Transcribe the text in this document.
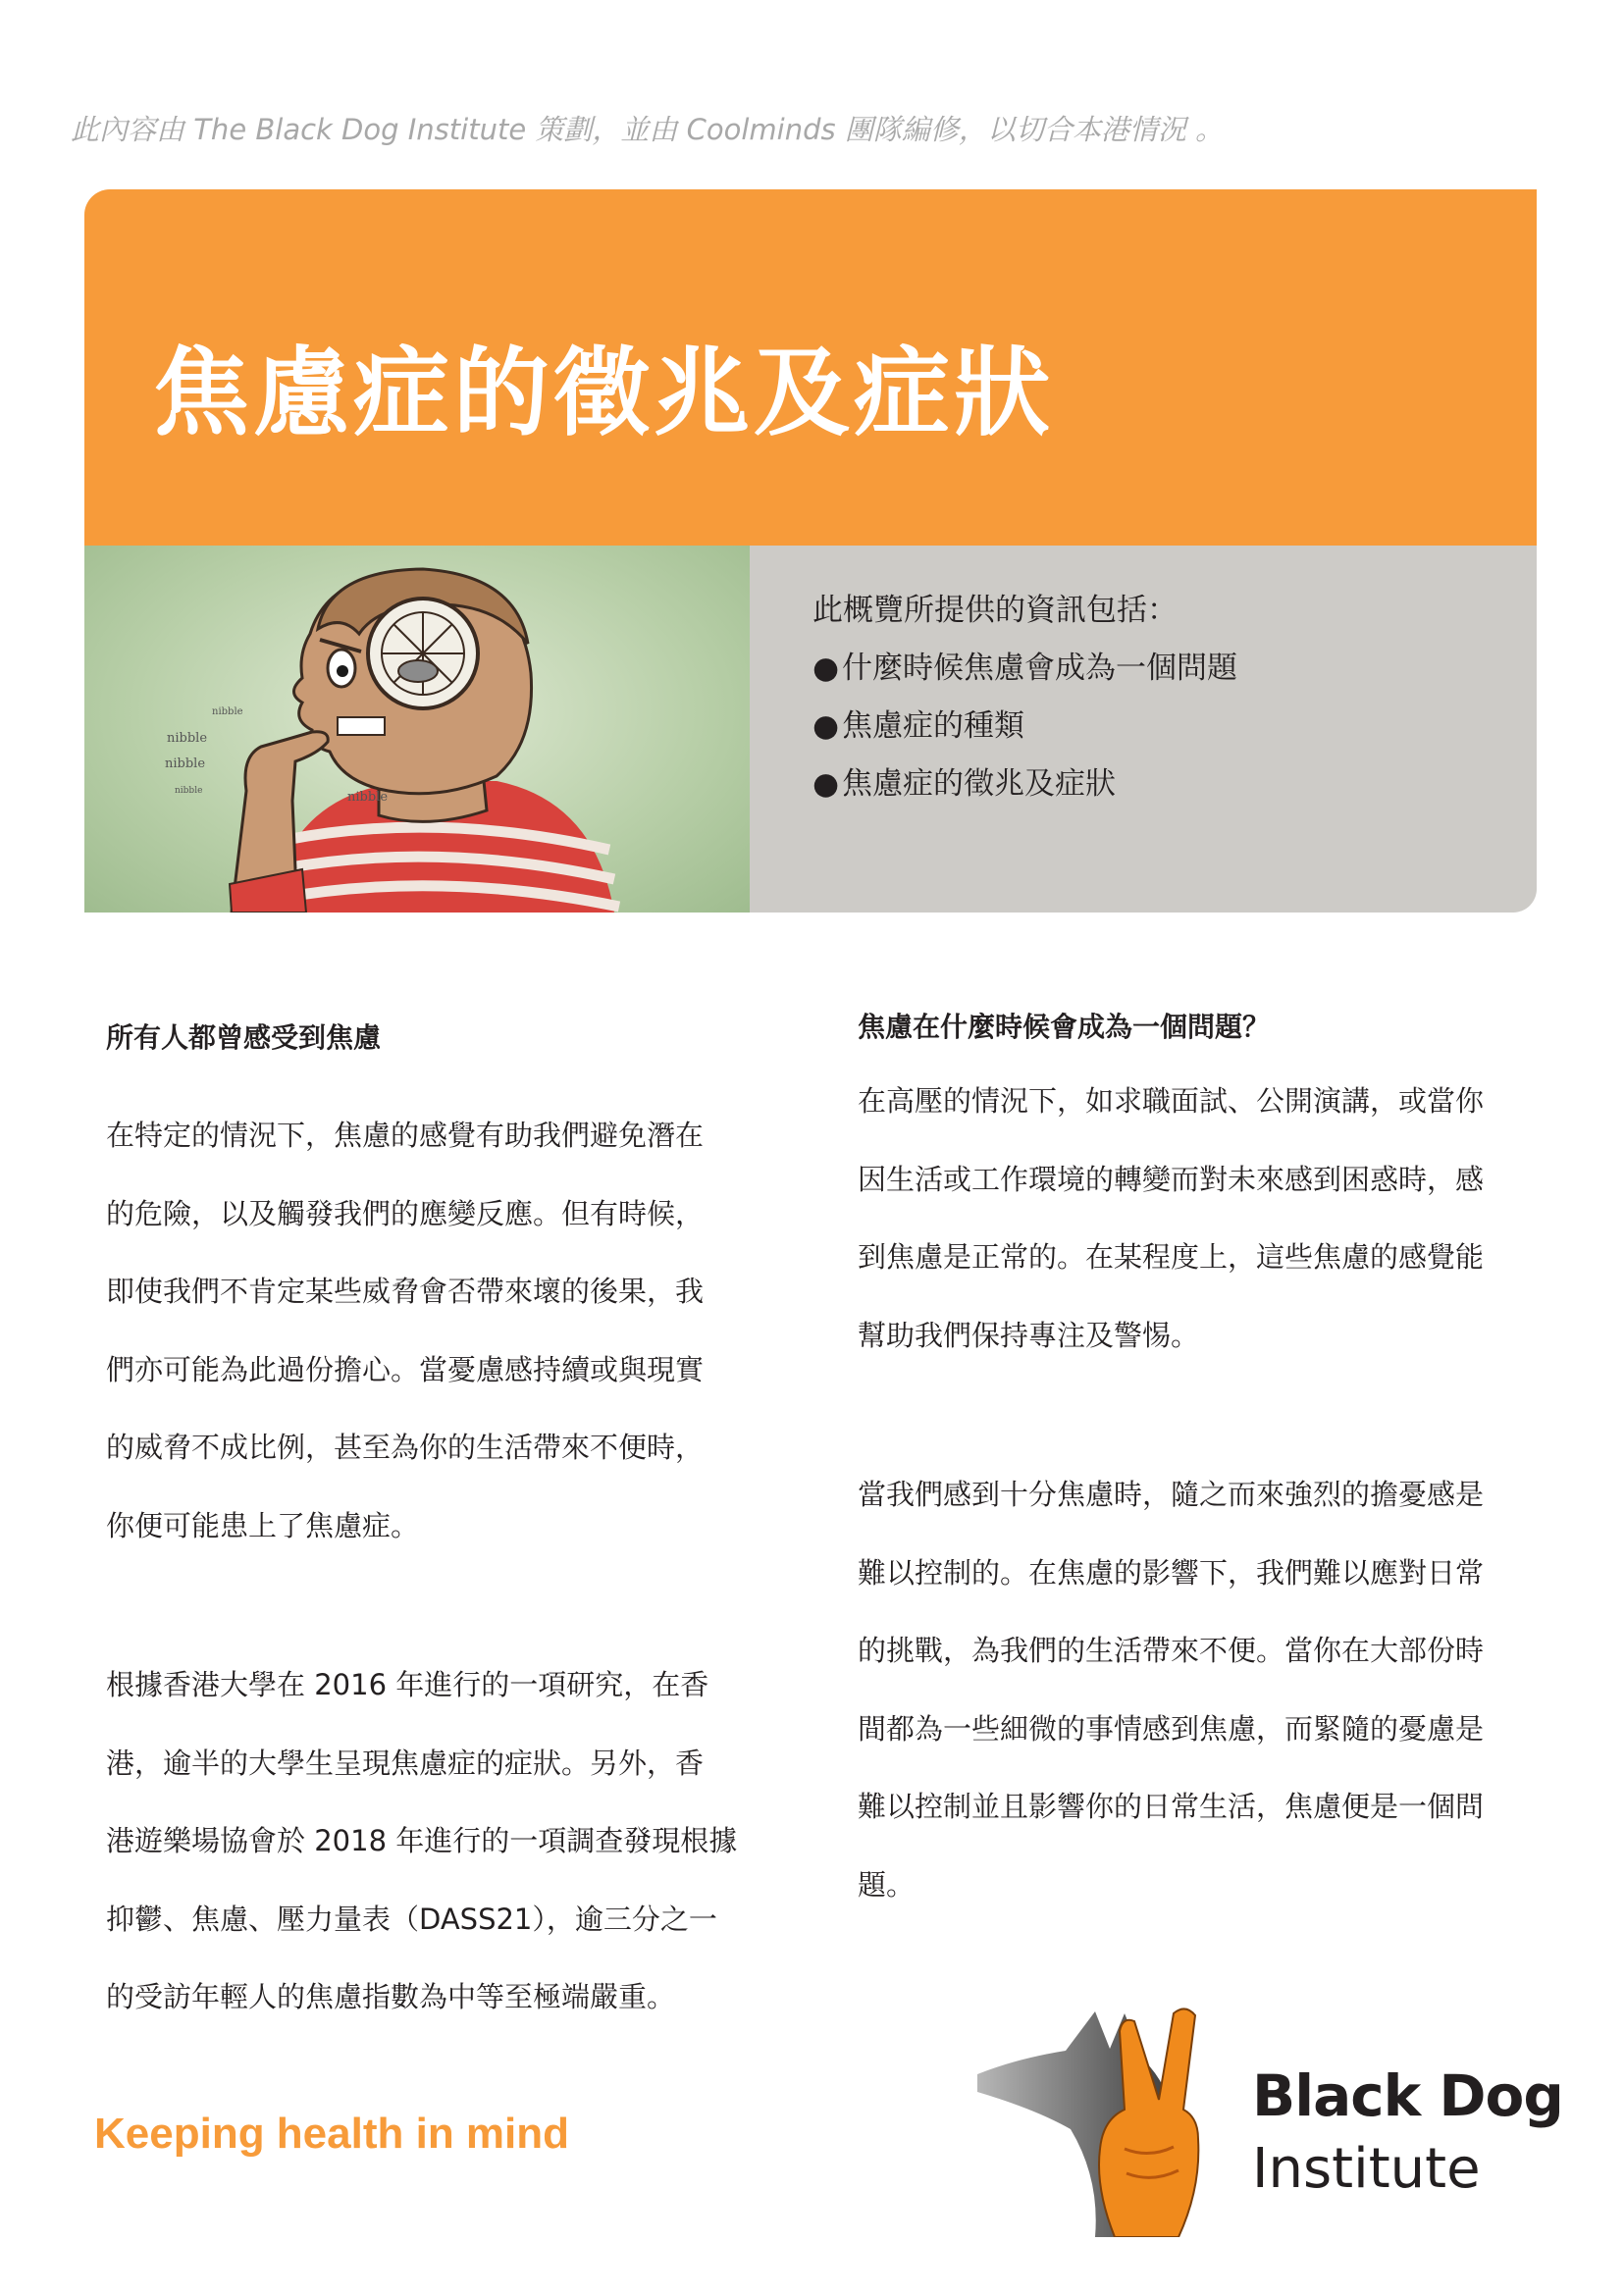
此內容由 The Black Dog Institute 策劃，並由 Coolminds 團隊編修，以切合本港情況 。
焦慮症的徵兆及症狀
nibble
nibble
nibble
nibble	nibble
此概覽所提供的資訊包括：
●什麼時候焦慮會成為一個問題
●焦慮症的種類
●焦慮症的徵兆及症狀
所有人都曾感受到焦慮
在特定的情況下，焦慮的感覺有助我們避免潛在
的危險，以及觸發我們的應變反應。但有時候，
即使我們不肯定某些威脅會否帶來壞的後果，我
們亦可能為此過份擔心。當憂慮感持續或與現實
的威脅不成比例，甚至為你的生活帶來不便時，
你便可能患上了焦慮症。
根據香港大學在 2016 年進行的一項研究，在香
港，逾半的大學生呈現焦慮症的症狀。另外，香
港遊樂場協會於 2018 年進行的一項調查發現根據
抑鬱、焦慮、壓力量表（DASS21），逾三分之一
的受訪年輕人的焦慮指數為中等至極端嚴重。
焦慮在什麼時候會成為一個問題？
在高壓的情況下，如求職面試、公開演講，或當你
因生活或工作環境的轉變而對未來感到困惑時，感
到焦慮是正常的。在某程度上，這些焦慮的感覺能
幫助我們保持專注及警惕。
當我們感到十分焦慮時，隨之而來強烈的擔憂感是
難以控制的。在焦慮的影響下，我們難以應對日常
的挑戰，為我們的生活帶來不便。當你在大部份時
間都為一些細微的事情感到焦慮，而緊隨的憂慮是
難以控制並且影響你的日常生活，焦慮便是一個問
題。
Keeping health in mind
Black Dog
Institute
